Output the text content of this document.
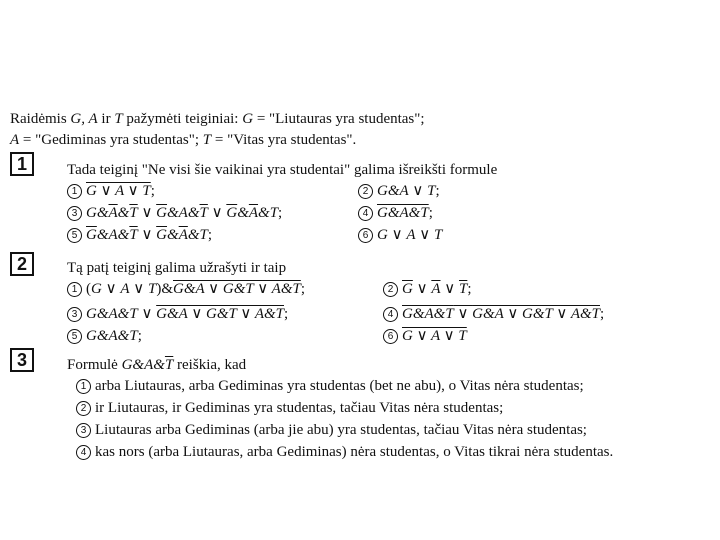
Raidėmis G, A ir T pažymėti teiginiai: G = "Liutauras yra studentas";
A = "Gediminas yra studentas"; T = "Vitas yra studentas".
1	Tada teiginį "Ne visi šie vaikinai yra studentai" galima išreikšti formule
1 G ∨ A ∨ T;	2 G&A ∨ T;
3 $G\&\overline{A}\&\overline{T}$ ∨ $\overline{G}\&A\&\overline{T}$ ∨ $\overline{G}\&\overline{A}\&T$;	4 G&A&T;
5 $\overline{G}\&A\&\overline{T}$ ∨ $\overline{G}\&\overline{A}\&T$;	6 G ∨ A ∨ T
2	Tą patį teiginį galima užrašyti ir taip
1 (G ∨ A ∨ T)&G&A ∨ G&T ∨ A&T;	2 $\overline{G}$ ∨ $\overline{A}$ ∨ $\overline{T}$;
3 G&A&T ∨ G&A ∨ G&T ∨ A&T;	4 G&A&T ∨ G&A ∨ G&T ∨ A&T;
5 G&A&T;	6 G ∨ A ∨ T
3	Formulė $G\&A\&\overline{T}$ reiškia, kad
1 arba Liutauras, arba Gediminas yra studentas (bet ne abu), o Vitas nėra studentas;
2 ir Liutauras, ir Gediminas yra studentas, tačiau Vitas nėra studentas;
3 Liutauras arba Gediminas (arba jie abu) yra studentas, tačiau Vitas nėra studentas;
4 kas nors (arba Liutauras, arba Gediminas) nėra studentas, o Vitas tikrai nėra studentas.
